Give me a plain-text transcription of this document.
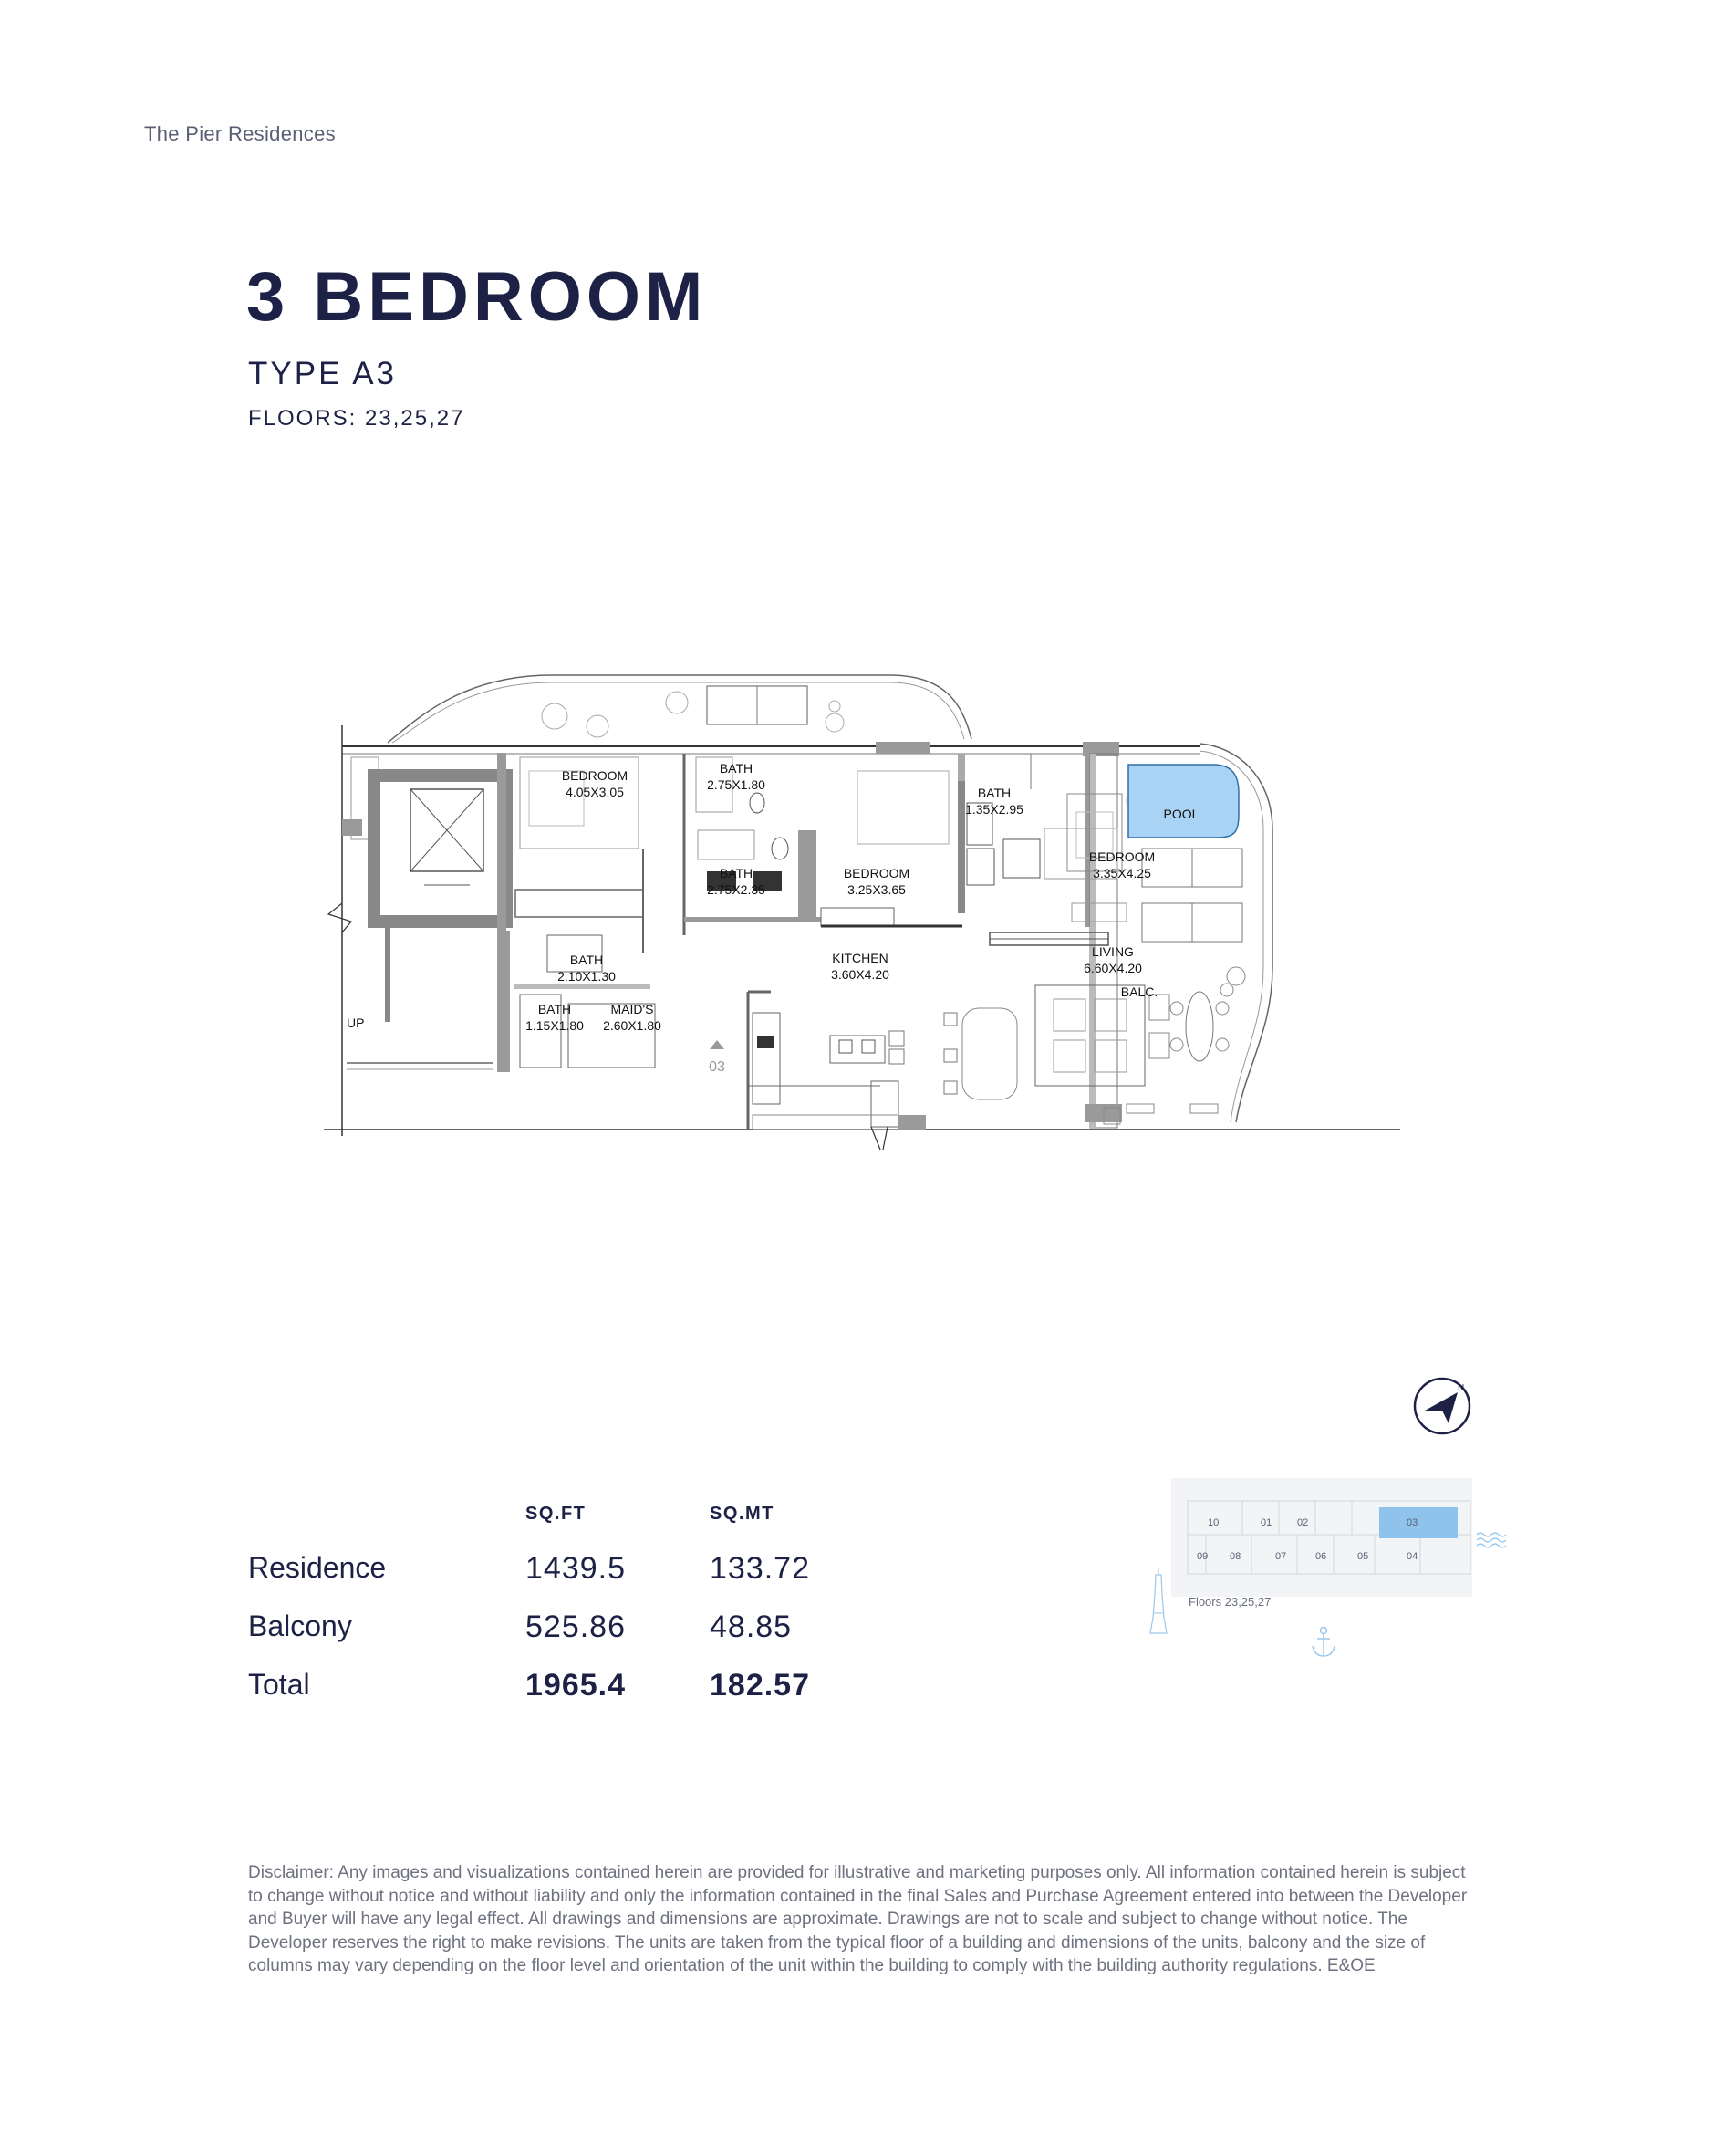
The Pier Residences
3 BEDROOM
TYPE A3
FLOORS: 23,25,27
BEDROOM
4.05X3.05
BATH
2.75X1.80
BATH
1.35X2.95
BATH
2.75X2.35
BEDROOM
3.25X3.65
BEDROOM
3.35X4.25
BATH
2.10X1.30
KITCHEN
3.60X4.20
LIVING
6.60X4.20
BATH
1.15X1.80
MAID'S
2.60X1.80
POOL
BALC.
UP
03
N
SQ.FT	SQ.MT
Residence	1439.5	133.72
Balcony	525.86	48.85
Total	1965.4	182.57
10	01	02	03
09 08	07	06	05	04
Floors 23,25,27

Disclaimer: Any images and visualizations contained herein are provided for illustrative and marketing purposes only. All information contained herein is subject to change without notice and without liability and only the information contained in the final Sales and Purchase Agreement entered into between the Developer and Buyer will have any legal effect. All drawings and dimensions are approximate. Drawings are not to scale and subject to change without notice. The Developer reserves the right to make revisions. The units are taken from the typical floor of a building and dimensions of the units, balcony and the size of columns may vary depending on the floor level and orientation of the unit within the building to comply with the building authority regulations. E&OE
